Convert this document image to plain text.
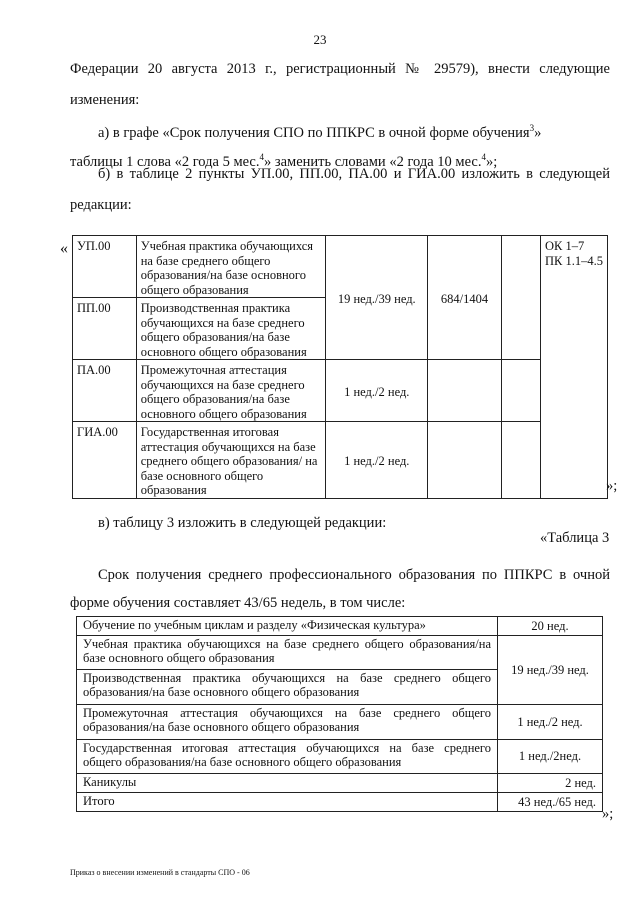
23
Федерации 20 августа 2013 г., регистрационный № 29579), внести следующие
изменения:
а) в графе «Срок получения СПО по ППКРС в очной форме обучения$^3$»
таблицы 1 слова «2 года 5 мес.$^4$» заменить словами «2 года 10 мес.$^4$»;
б) в таблице 2 пункты УП.00, ПП.00, ПА.00 и ГИА.00 изложить в следующей
редакции:
« УП.00	Учебная практика обучающихся на базе среднего общего образования/на базе основного общего образования	19 нед./39 нед.	684/1404		ОК 1–7
ПК 1.1–4.5

ПП.00	Производственная практика обучающихся на базе среднего общего образования/на базе основного общего образования				
ПА.00	Промежуточная аттестация обучающихся на базе среднего общего образования/на базе основного общего образования	1 нед./2 нед.			
ГИА.00	Государственная итоговая аттестация обучающихся на базе среднего общего образования/ на базе основного общего образования	1 нед./2 нед.			
»;
в) таблицу 3 изложить в следующей редакции:
«Таблица 3
Срок получения среднего профессионального образования по ППКРС в очной
форме обучения составляет 43/65 недель, в том числе:
Обучение по учебным циклам и разделу «Физическая культура»	20 нед.
Учебная практика обучающихся на базе среднего общего образования/на базе основного общего образования	19 нед./39 нед.
Производственная практика обучающихся на базе среднего общего образования/на базе основного общего образования	
Промежуточная аттестация обучающихся на базе среднего общего образования/на базе основного общего образования	1 нед./2 нед.
Государственная итоговая аттестация обучающихся на базе среднего общего образования/на базе основного общего образования	1 нед./2нед.
Каникулы	2 нед.
Итого	43 нед./65 нед.
»;
Приказ о внесении изменений в стандарты СПО - 06
